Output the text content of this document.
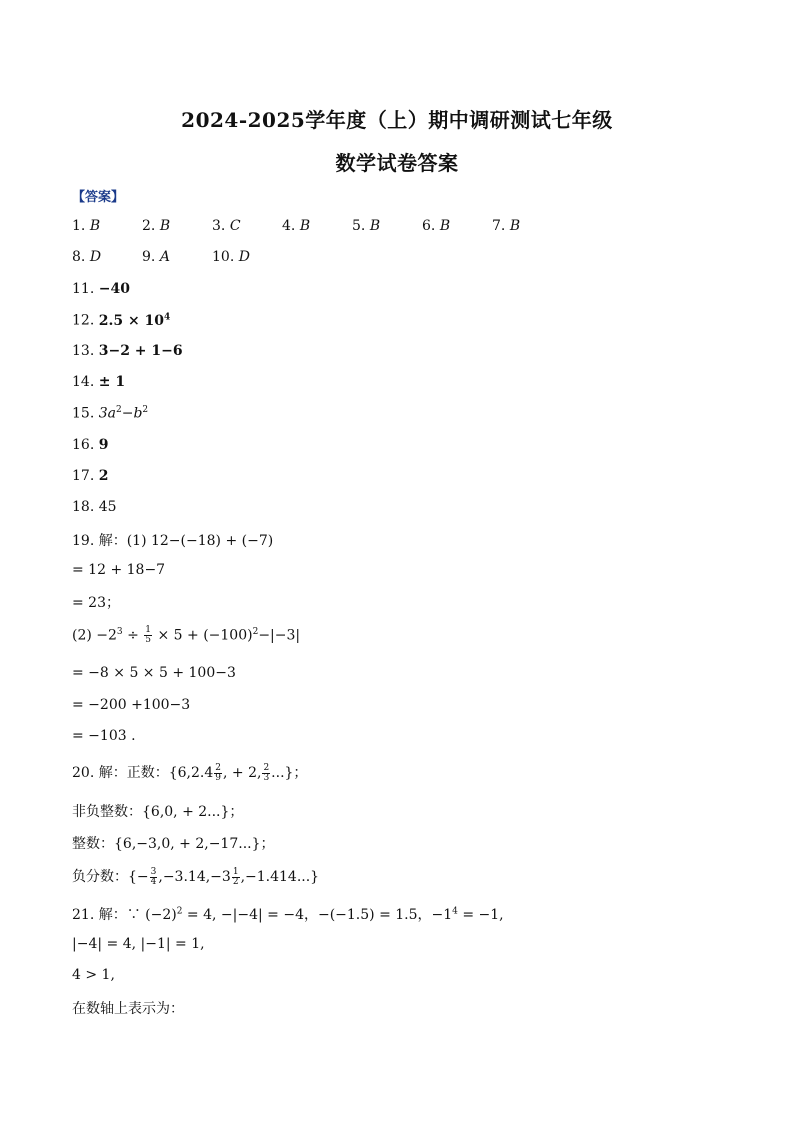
2024-2025学年度（上）期中调研测试七年级
数学试卷答案
【答案】
1. B	2. B	3. C	4. B	5. B	6. B	7. B
8. D	9. A	10. D
11. −40
12. $2.5 \times 10^4$
13. 3−2 + 1−6
14. ± 1
15. $3a^2-b^2$
16. 9
17. 2
18. 45
19. 解：(1) 12−(−18) + (−7)
= 12 + 18−7
= 23；
$(2) -2^3 \div \frac{1}{5} \times 5 + (-100)^2-|-3|$
= −8 × 5 × 5 + 100−3
= −200 +100−3
= −103 .
20. 解：正数：{$6,2.4 \frac{2}{9}$ , + 2, $\frac{2}{3}$ ...}；
非负整数：{6,0, + 2...}；
整数：{6,−3,0, + 2,−17...}；
负分数：{− $\frac{3}{4} ,-3.14,-3 \frac{1}{2} ,-1.414$...}
21. 解：∵ $(-2)^2 = 4$, −|−4| = −4，−(−1.5) = 1.5，$-1^4 = -1$,
|−4| = 4, |−1| = 1,
4 > 1,
在数轴上表示为：
